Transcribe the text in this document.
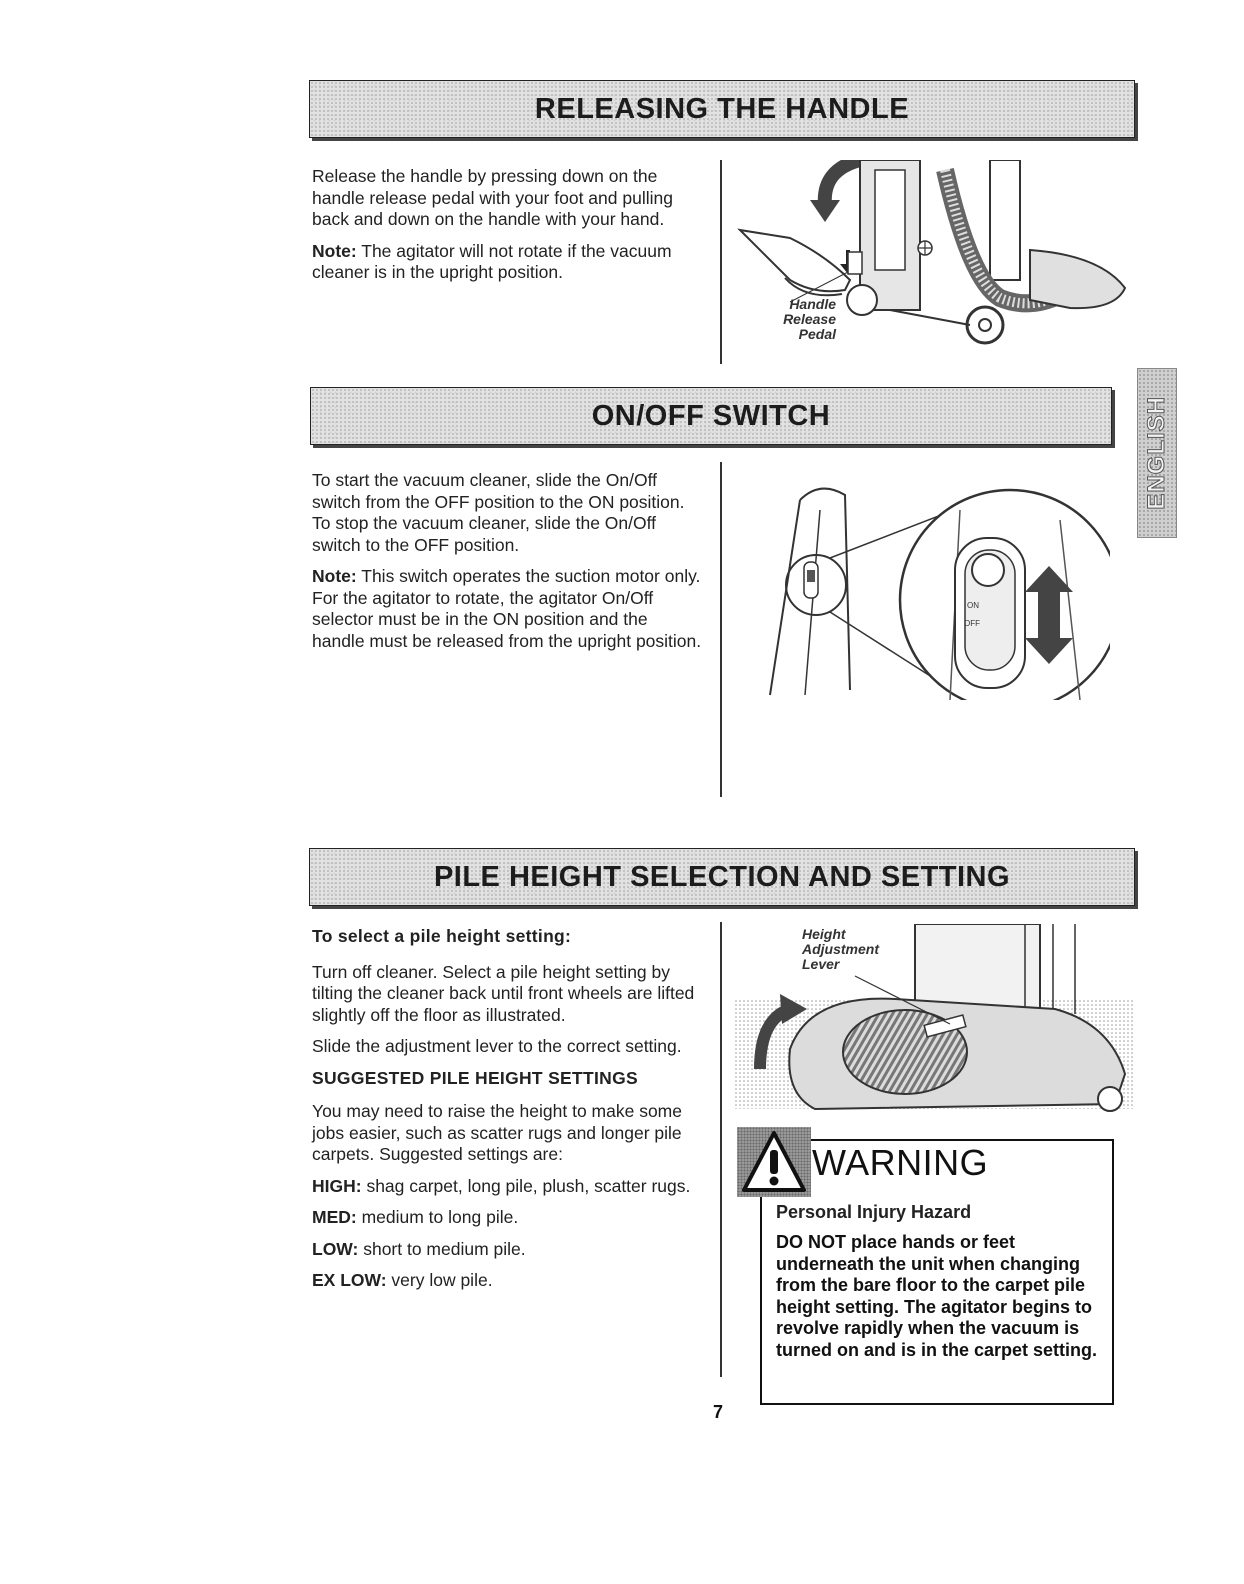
RELEASING THE HANDLE

Release the handle by pressing down on the handle release pedal with your foot and pulling back and down on the handle with your hand.

Note: The agitator will not rotate if the vacuum cleaner is in the upright position.

Handle
Release
Pedal
ENGLISH
ON/OFF SWITCH

To start the vacuum cleaner, slide the On/Off switch from the OFF position to the ON position. To stop the vacuum cleaner, slide the On/Off switch to the OFF position.

Note: This switch operates the suction motor only. For the agitator to rotate, the agitator On/Off selector must be in the ON position and the handle must be released from the upright position.

ON
OFF
PILE HEIGHT SELECTION AND SETTING

To select a pile height setting:

Turn off cleaner. Select a pile height setting by tilting the cleaner back until front wheels are lifted slightly off the floor as illustrated.

Slide the adjustment lever to the correct setting.

SUGGESTED PILE HEIGHT SETTINGS

You may need to raise the height to make some jobs easier, such as scatter rugs and longer pile carpets. Suggested settings are:

HIGH: shag carpet, long pile, plush, scatter rugs.

MED: medium to long pile.

LOW: short to medium pile.

EX LOW: very low pile.

Height
Adjustment
Lever
WARNING
Personal Injury Hazard
DO NOT place hands or feet underneath the unit when changing from the bare floor to the carpet pile height setting. The agitator begins to revolve rapidly when the vacuum is turned on and is in the carpet setting.
7
